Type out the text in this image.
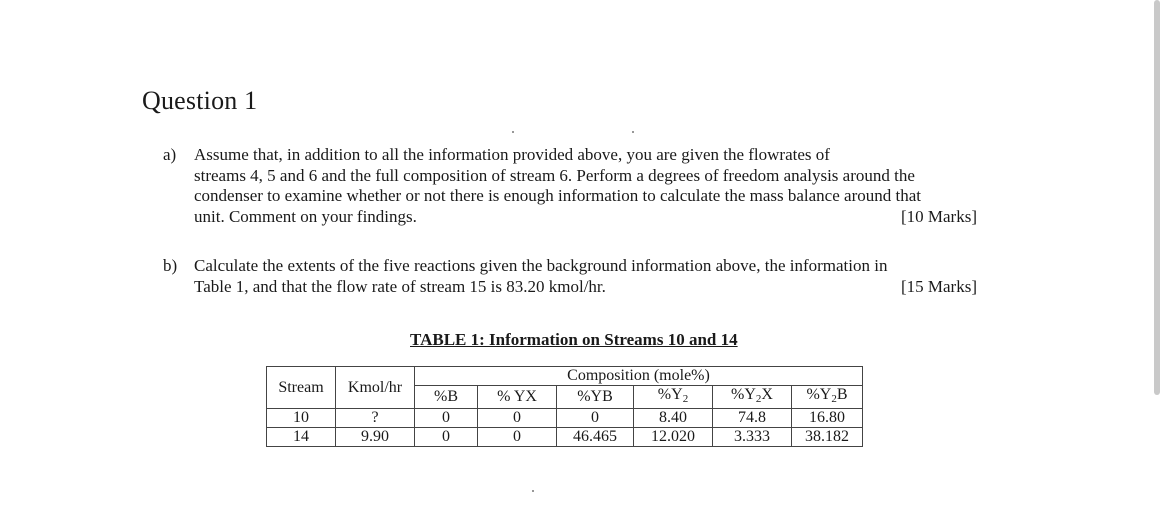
Question 1
a) Assume that, in addition to all the information provided above, you are given the flowrates of
streams 4, 5 and 6 and the full composition of stream 6. Perform a degrees of freedom analysis around the
condenser to examine whether or not there is enough information to calculate the mass balance around that
unit. Comment on your findings.	[10 Marks]
b) Calculate the extents of the five reactions given the background information above, the information in
Table 1, and that the flow rate of stream 15 is 83.20 kmol/hr.	[15 Marks]
TABLE 1: Information on Streams 10 and 14
Stream	Kmol/hr	Composition (mole%)					
		%B	% YX	%YB	$\%Y_2$	$\%Y_2X$	$\%Y_2B$
10	?	0	0	0	8.40	74.8	16.80
14	9.90	0	0	46.465	12.020	3.333	38.182
